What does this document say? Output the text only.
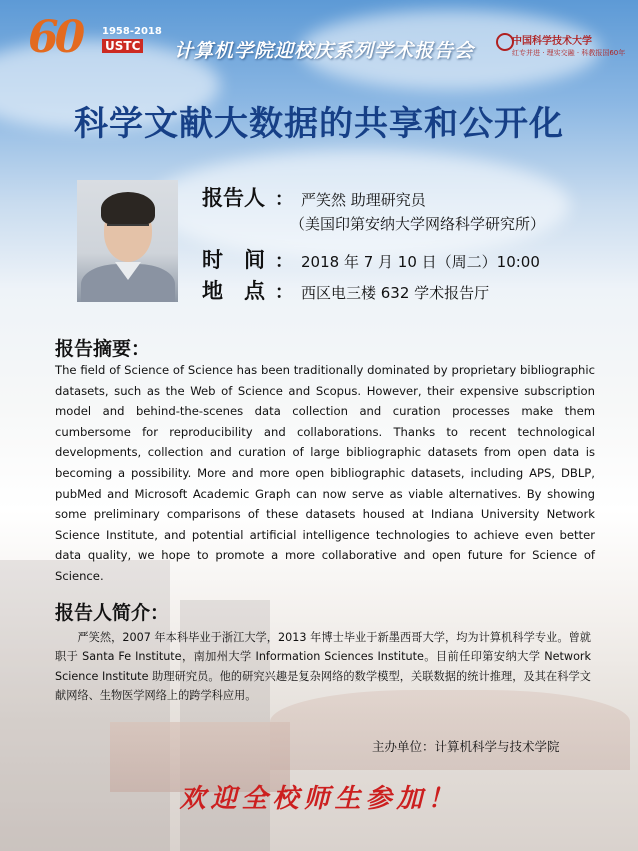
60 1958-2018
USTC 计算机学院迎校庆系列学术报告会	中国科学技术大学
红专并进 · 理实交融 · 科教报国60年
科学文献大数据的共享和公开化
报告人 ： 严笑然 助理研究员
（美国印第安纳大学网络科学研究所）
时　间 ： 2018 年 7 月 10 日（周二）10:00
地　点 ： 西区电三楼 632 学术报告厅
报告摘要：
The field of Science of Science has been traditionally dominated by proprietary bibliographic datasets, such as the Web of Science and Scopus. However, their expensive subscription model and behind-the-scenes data collection and curation processes make them cumbersome for reproducibility and collaborations. Thanks to recent technological developments, collection and curation of large bibliographic datasets from open data is becoming a possibility. More and more open bibliographic datasets, including APS, DBLP, pubMed and Microsoft Academic Graph can now serve as viable alternatives. By showing some preliminary comparisons of these datasets housed at Indiana University Network Science Institute, and potential artificial intelligence technologies to achieve even better data quality, we hope to promote a more collaborative and open future for Science of Science.
报告人简介：
严笑然，2007 年本科毕业于浙江大学，2013 年博士毕业于新墨西哥大学，均为计算机科学专业。曾就职于 Santa Fe Institute，南加州大学 Information Sciences Institute。目前任印第安纳大学 Network Science Institute 助理研究员。他的研究兴趣是复杂网络的数学模型，关联数据的统计推理，及其在科学文献网络、生物医学网络上的跨学科应用。
主办单位：计算机科学与技术学院
欢迎全校师生参加！
